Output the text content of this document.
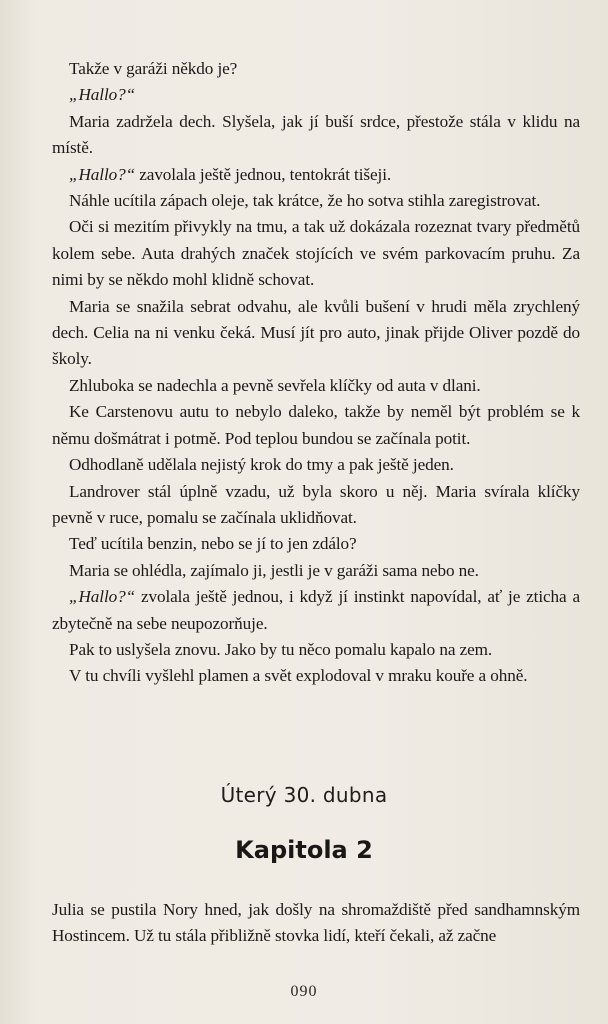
Takže v garáži někdo je?

„Hallo?“

Maria zadržela dech. Slyšela, jak jí buší srdce, přestože stála v klidu na místě.

„Hallo?“ zavolala ještě jednou, tentokrát tišeji.

Náhle ucítila zápach oleje, tak krátce, že ho sotva stihla zaregistrovat.

Oči si mezitím přivykly na tmu, a tak už dokázala rozeznat tvary předmětů kolem sebe. Auta drahých značek stojících ve svém parkovacím pruhu. Za nimi by se někdo mohl klidně schovat.

Maria se snažila sebrat odvahu, ale kvůli bušení v hrudi měla zrychlený dech. Celia na ni venku čeká. Musí jít pro auto, jinak přijde Oliver pozdě do školy.

Zhluboka se nadechla a pevně sevřela klíčky od auta v dlani.

Ke Carstenovu autu to nebylo daleko, takže by neměl být problém se k němu došmátrat i potmě. Pod teplou bundou se začínala potit.

Odhodlaně udělala nejistý krok do tmy a pak ještě jeden.

Landrover stál úplně vzadu, už byla skoro u něj. Maria svírala klíčky pevně v ruce, pomalu se začínala uklidňovat.

Teď ucítila benzin, nebo se jí to jen zdálo?

Maria se ohlédla, zajímalo ji, jestli je v garáži sama nebo ne.

„Hallo?“ zvolala ještě jednou, i když jí instinkt napovídal, ať je zticha a zbytečně na sebe neupozorňuje.

Pak to uslyšela znovu. Jako by tu něco pomalu kapalo na zem.

V tu chvíli vyšlehl plamen a svět explodoval v mraku kouře a ohně.

Úterý 30. dubna
Kapitola 2

Julia se pustila Nory hned, jak došly na shromaždiště před sandhamnským Hostincem. Už tu stála přibližně stovka lidí, kteří čekali, až začne

090
